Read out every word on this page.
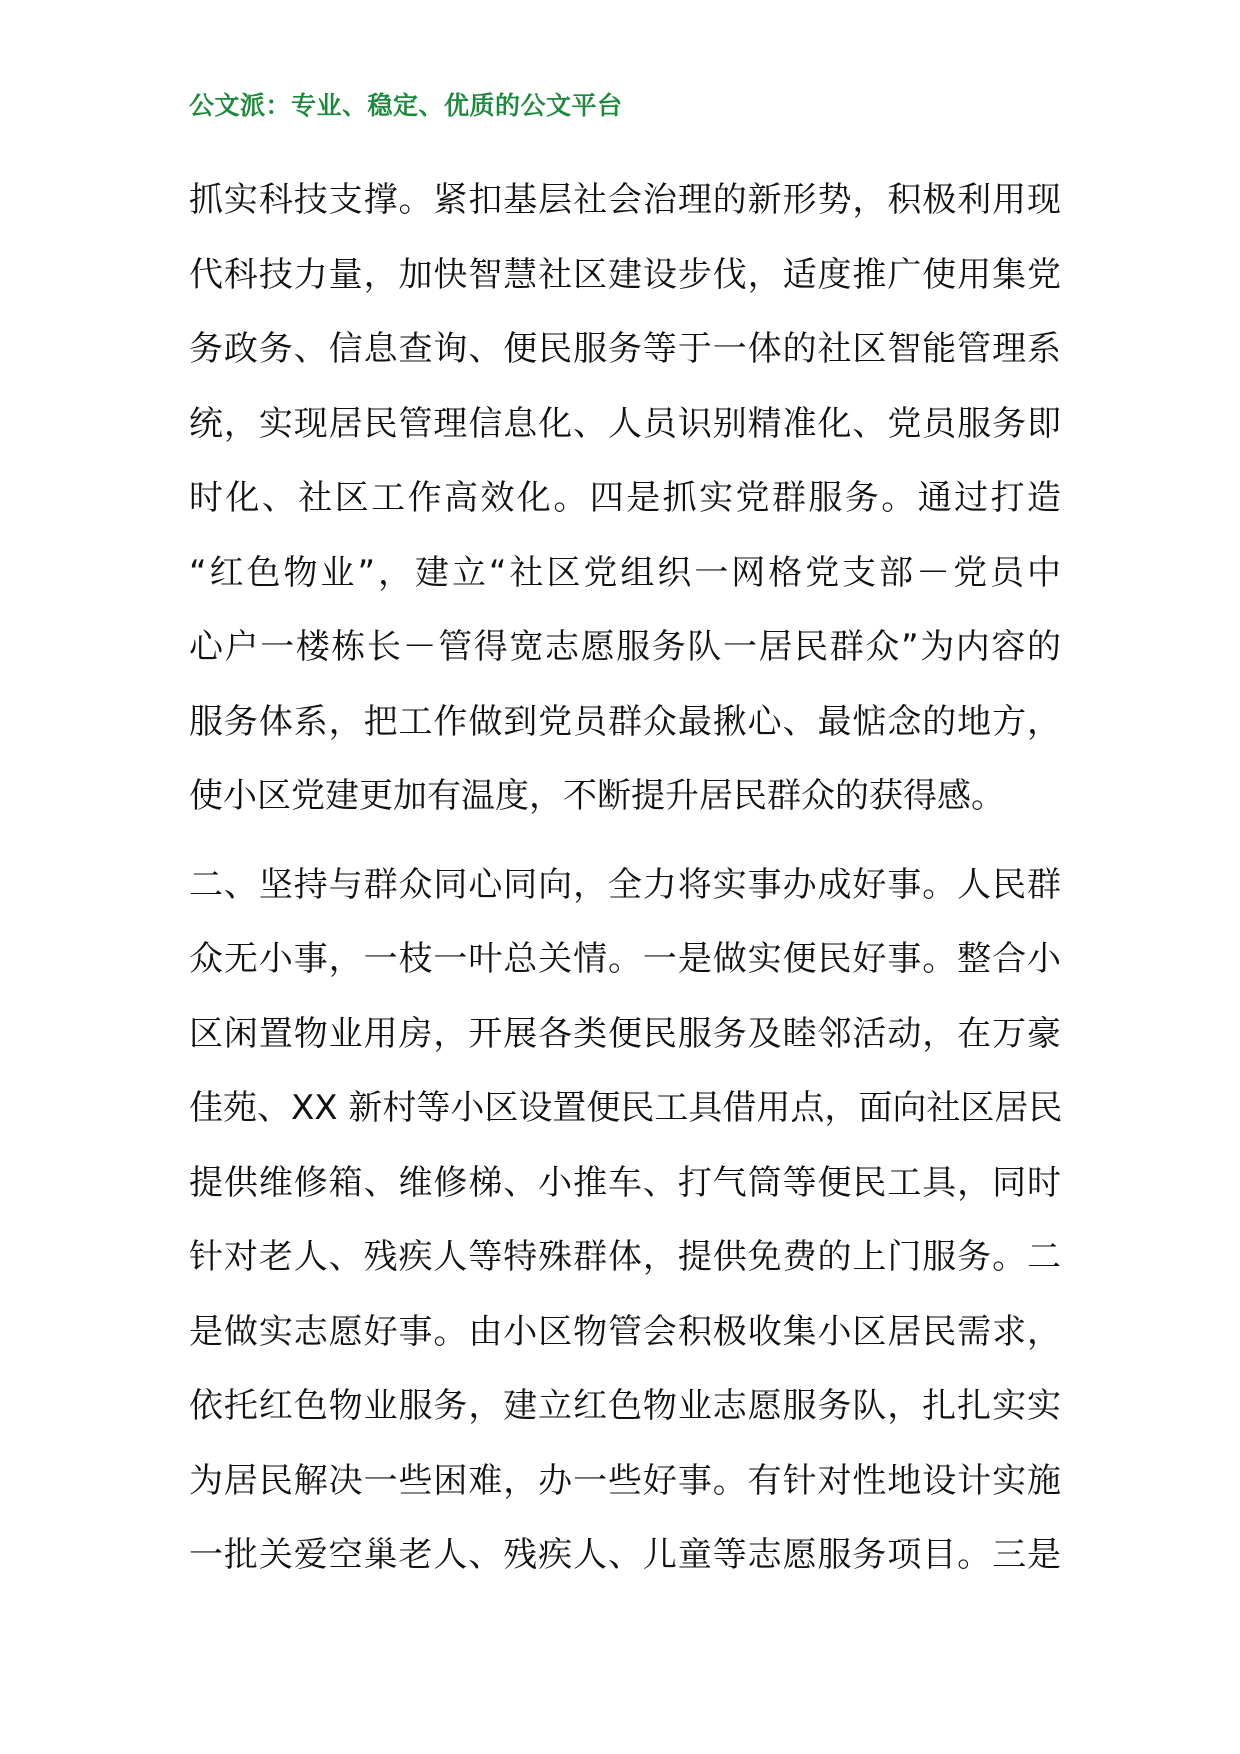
公文派：专业、稳定、优质的公文平台
抓实科技支撑。紧扣基层社会治理的新形势，积极利用现
代科技力量，加快智慧社区建设步伐，适度推广使用集党
务政务、信息查询、便民服务等于一体的社区智能管理系
统，实现居民管理信息化、人员识别精准化、党员服务即
时化、社区工作高效化。四是抓实党群服务。通过打造
“红色物业”，建立“社区党组织一网格党支部－党员中
心户一楼栋长－管得宽志愿服务队一居民群众”为内容的
服务体系，把工作做到党员群众最揪心、最惦念的地方，
使小区党建更加有温度，不断提升居民群众的获得感。
二、坚持与群众同心同向，全力将实事办成好事。人民群
众无小事，一枝一叶总关情。一是做实便民好事。整合小
区闲置物业用房，开展各类便民服务及睦邻活动，在万豪
佳苑、XX 新村等小区设置便民工具借用点，面向社区居民
提供维修箱、维修梯、小推车、打气筒等便民工具，同时
针对老人、残疾人等特殊群体，提供免费的上门服务。二
是做实志愿好事。由小区物管会积极收集小区居民需求，
依托红色物业服务，建立红色物业志愿服务队，扎扎实实
为居民解决一些困难，办一些好事。有针对性地设计实施
一批关爱空巢老人、残疾人、儿童等志愿服务项目。三是
